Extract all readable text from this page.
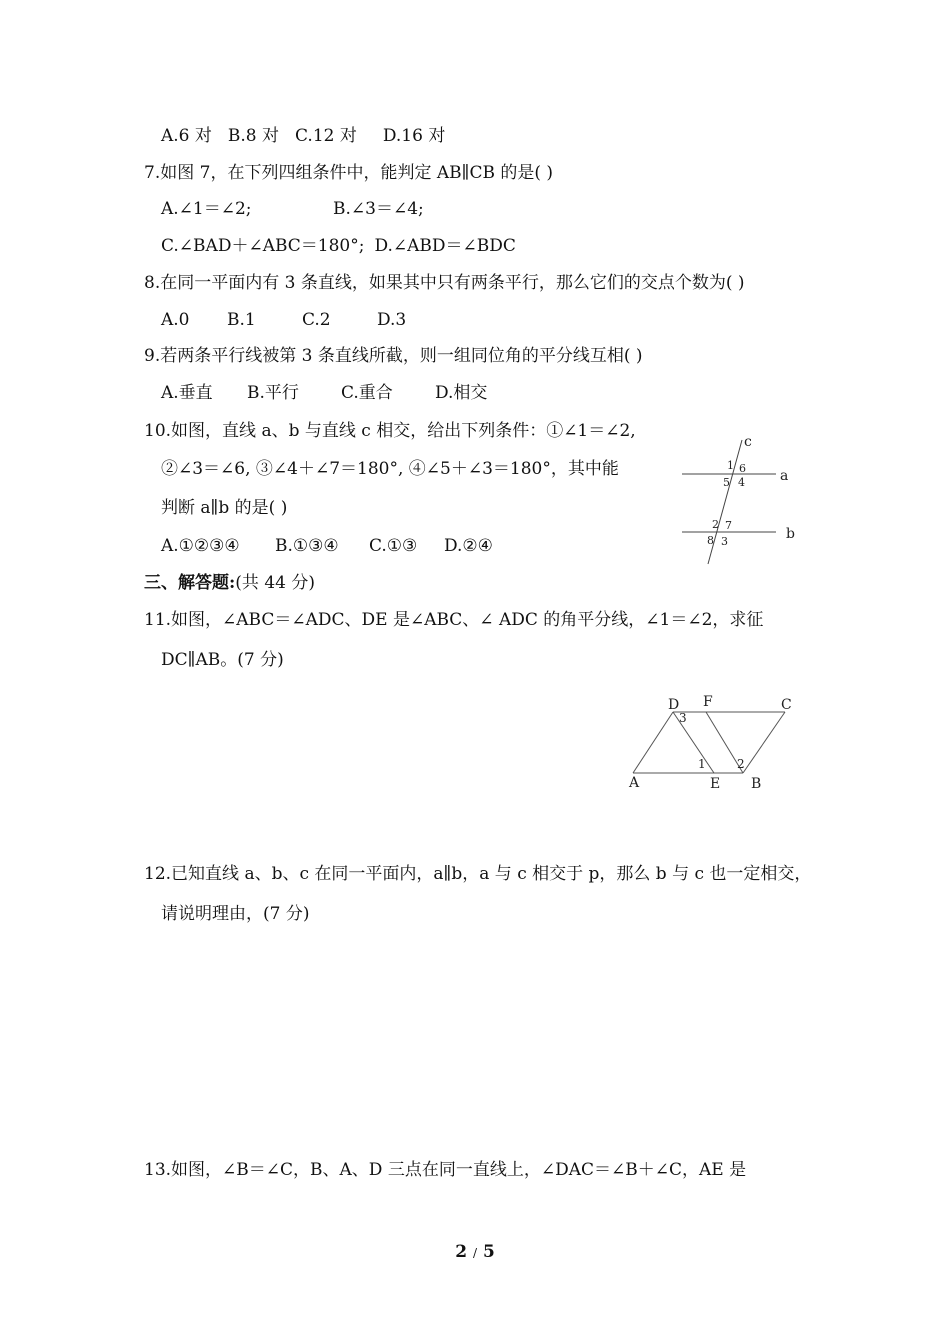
A.6 对 B.8 对 C.12 对 D.16 对
7.如图 7，在下列四组条件中，能判定 AB∥CB 的是( )
A.∠1＝∠2;	B.∠3＝∠4;
C.∠BAD＋∠ABC＝180°; D.∠ABD＝∠BDC
8.在同一平面内有 3 条直线，如果其中只有两条平行，那么它们的交点个数为( )
A.0 B.1	C.2	D.3
9.若两条平行线被第 3 条直线所截，则一组同位角的平分线互相( )
A.垂直 B.平行 C.重合 D.相交
10.如图，直线 a、b 与直线 c 相交，给出下列条件：①∠1＝∠2,
②∠3＝∠6, ③∠4＋∠7＝180°, ④∠5＋∠3＝180°，其中能
判断 a∥b 的是( )
A.①②③④ B.①③④ C.①③ D.②④
c
a
b
1 6
5 4
2 7
8 3
三、解答题:(共 44 分)
11.如图，∠ABC＝∠ADC、DE 是∠ABC、∠ ADC 的角平分线，∠1＝∠2，求征
DC∥AB。(7 分)
D F	C
A	E B
3
1	2
12.已知直线 a、b、c 在同一平面内，a∥b，a 与 c 相交于 p，那么 b 与 c 也一定相交，
请说明理由，(7 分)
13.如图，∠B＝∠C，B、A、D 三点在同一直线上，∠DAC＝∠B＋∠C，AE 是
2 / 5
